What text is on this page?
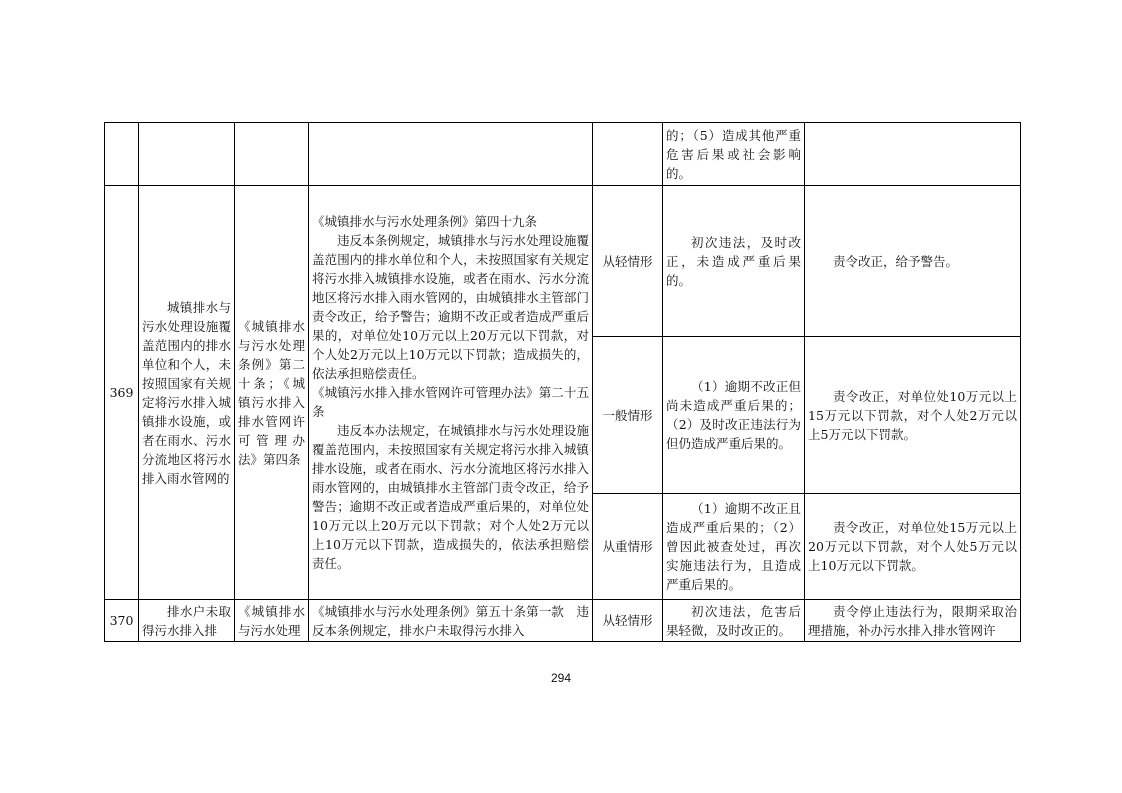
					的；（5）造成其他严重危害后果或社会影响的。	
369	城镇排水与污水处理设施覆盖范围内的排水单位和个人，未按照国家有关规定将污水排入城镇排水设施，或者在雨水、污水分流地区将污水排入雨水管网的	《城镇排水与污水处理条例》第二十条；《城镇污水排入排水管网许可管理办法》第四条	《城镇排水与污水处理条例》第四十九条
违反本条例规定，城镇排水与污水处理设施覆盖范围内的排水单位和个人，未按照国家有关规定将污水排入城镇排水设施，或者在雨水、污水分流地区将污水排入雨水管网的，由城镇排水主管部门责令改正，给予警告；逾期不改正或者造成严重后果的，对单位处10万元以上20万元以下罚款，对个人处2万元以上10万元以下罚款；造成损失的，依法承担赔偿责任。
《城镇污水排入排水管网许可管理办法》第二十五条
违反本办法规定，在城镇排水与污水处理设施覆盖范围内，未按照国家有关规定将污水排入城镇排水设施，或者在雨水、污水分流地区将污水排入雨水管网的，由城镇排水主管部门责令改正，给予警告；逾期不改正或者造成严重后果的，对单位处10万元以上20万元以下罚款；对个人处2万元以上10万元以下罚款，造成损失的，依法承担赔偿责任。	从轻情形	初次违法，及时改正，未造成严重后果的。	责令改正，给予警告。
				一般情形	（1）逾期不改正但尚未造成严重后果的；（2）及时改正违法行为但仍造成严重后果的。	责令改正，对单位处10万元以上15万元以下罚款，对个人处2万元以上5万元以下罚款。
				从重情形	（1）逾期不改正且造成严重后果的；（2）曾因此被查处过，再次实施违法行为，且造成严重后果的。	责令改正，对单位处15万元以上20万元以下罚款，对个人处5万元以上10万元以下罚款。
370	排水户未取得污水排入排	《城镇排水与污水处理	《城镇排水与污水处理条例》第五十条第一款　违反本条例规定，排水户未取得污水排入	从轻情形	初次违法，危害后果轻微，及时改正的。	责令停止违法行为，限期采取治理措施，补办污水排入排水管网许
294
